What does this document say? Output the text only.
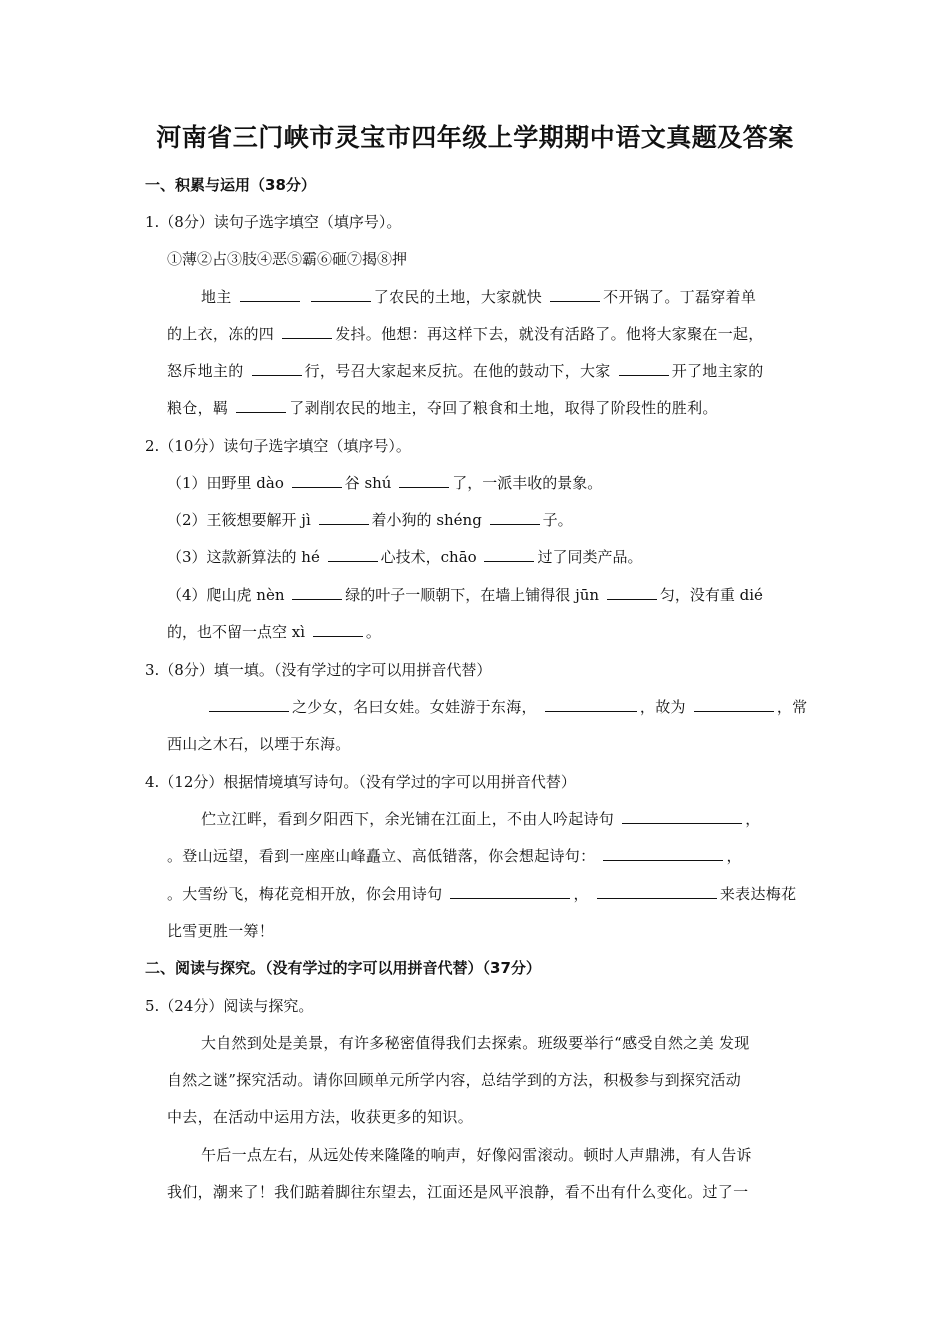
河南省三门峡市灵宝市四年级上学期期中语文真题及答案
一、积累与运用（38分）
1.（8分）读句子选字填空（填序号）。
①薄②占③肢④恶⑤霸⑥砸⑦揭⑧押
地主	了农民的土地，大家就快	不开锅了。丁磊穿着单
的上衣，冻的四	发抖。他想：再这样下去，就没有活路了。他将大家聚在一起，
怒斥地主的	行，号召大家起来反抗。在他的鼓动下，大家	开了地主家的
粮仓，羁	了剥削农民的地主，夺回了粮食和土地，取得了阶段性的胜利。
2.（10分）读句子选字填空（填序号）。
（1）田野里 dào	谷 shú	了，一派丰收的景象。
（2）王筱想要解开 jì	着小狗的 shéng	子。
（3）这款新算法的 hé	心技术，chāo	过了同类产品。
（4）爬山虎 nèn	绿的叶子一顺朝下，在墙上铺得很 jūn	匀，没有重 dié
的，也不留一点空 xì	。
3.（8分）填一填。（没有学过的字可以用拼音代替）
之少女，名曰女娃。女娃游于东海，	，故为	，常
西山之木石，以堙于东海。
4.（12分）根据情境填写诗句。（没有学过的字可以用拼音代替）
伫立江畔，看到夕阳西下，余光铺在江面上，不由人吟起诗句	，
。登山远望，看到一座座山峰矗立、高低错落，你会想起诗句：	，
。大雪纷飞，梅花竞相开放，你会用诗句	，	来表达梅花
比雪更胜一筹！
二、阅读与探究。（没有学过的字可以用拼音代替）（37分）
5.（24分）阅读与探究。
大自然到处是美景，有许多秘密值得我们去探索。班级要举行“感受自然之美 发现
自然之谜”探究活动。请你回顾单元所学内容，总结学到的方法，积极参与到探究活动
中去，在活动中运用方法，收获更多的知识。
午后一点左右，从远处传来隆隆的响声，好像闷雷滚动。顿时人声鼎沸，有人告诉
我们，潮来了！我们踮着脚往东望去，江面还是风平浪静，看不出有什么变化。过了一
